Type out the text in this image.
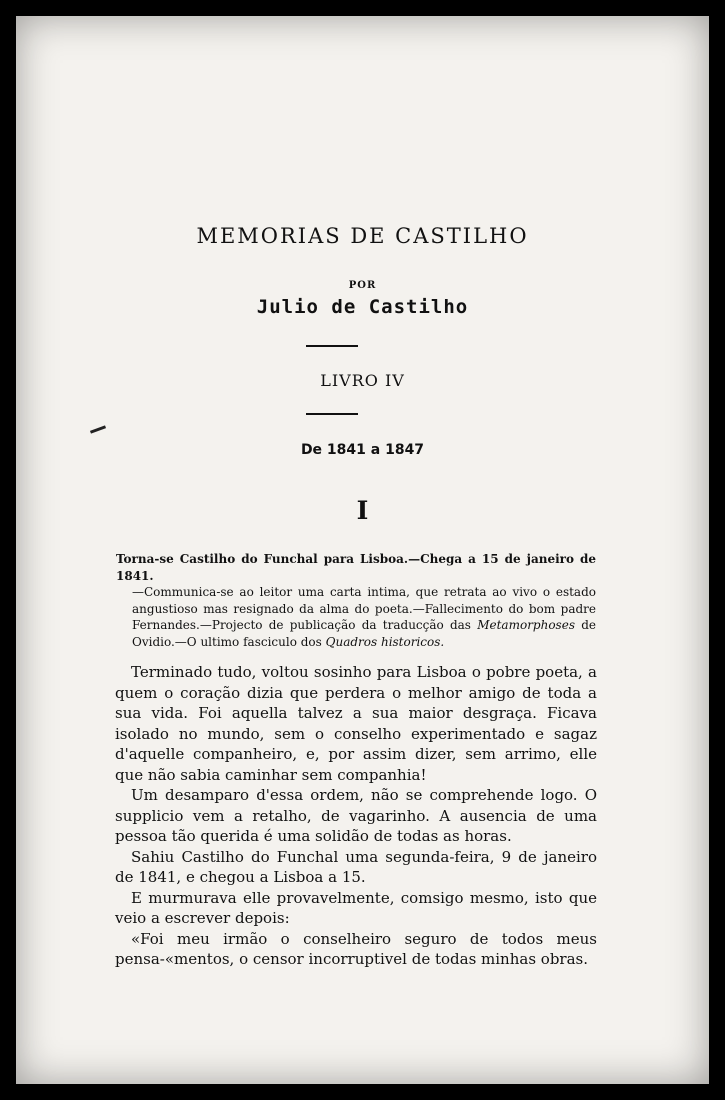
MEMORIAS DE CASTILHO
POR
Julio de Castilho
LIVRO IV
De 1841 a 1847
I
Torna-se Castilho do Funchal para Lisboa.—Chega a 15 de janeiro de 1841.
—Communica-se ao leitor uma carta intima, que retrata ao vivo o estado angustioso mas resignado da alma do poeta.—Fallecimento do bom padre Fernandes.—Projecto de publicação da traducção das Metamorphoses de Ovidio.—O ultimo fasciculo dos Quadros historicos.

Terminado tudo, voltou sosinho para Lisboa o pobre poeta, a quem o coração dizia que perdera o melhor amigo de toda a sua vida. Foi aquella talvez a sua maior desgraça. Ficava isolado no mundo, sem o conselho experimentado e sagaz d'aquelle companheiro, e, por assim dizer, sem arrimo, elle que não sabia caminhar sem companhia!

Um desamparo d'essa ordem, não se comprehende logo. O supplicio vem a retalho, de vagarinho. A ausencia de uma pessoa tão querida é uma solidão de todas as horas.

Sahiu Castilho do Funchal uma segunda-feira, 9 de janeiro de 1841, e chegou a Lisboa a 15.

E murmurava elle provavelmente, comsigo mesmo, isto que veio a escrever depois:

«Foi meu irmão o conselheiro seguro de todos meus pensa-«mentos, o censor incorruptivel de todas minhas obras.
